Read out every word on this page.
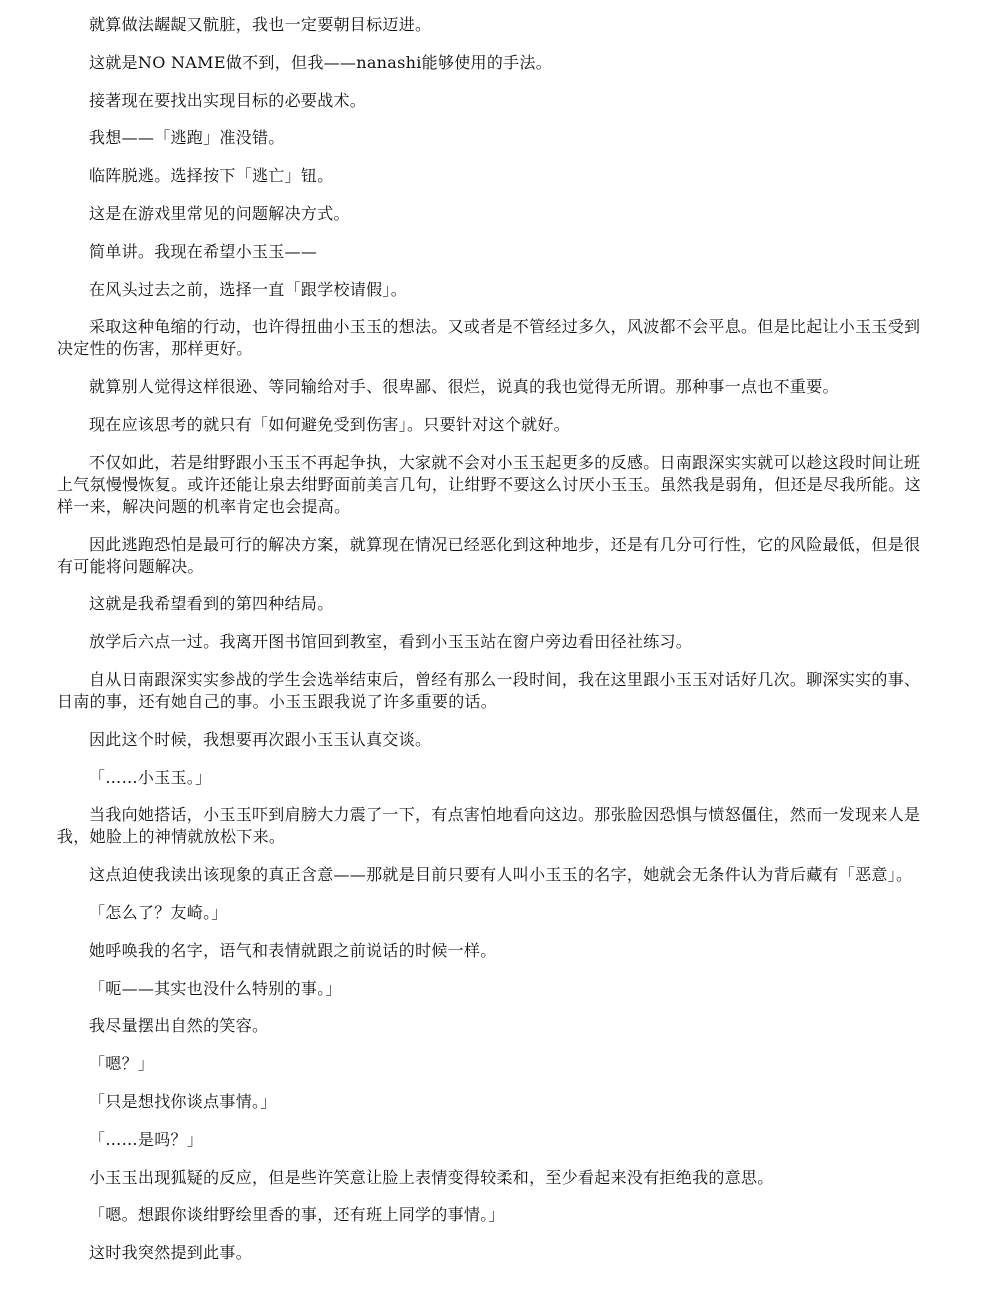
就算做法龌龊又骯脏，我也一定要朝目标迈进。

这就是NO NAME做不到，但我——nanashi能够使用的手法。

接著现在要找出实现目标的必要战术。

我想——「逃跑」准没错。

临阵脱逃。选择按下「逃亡」钮。

这是在游戏里常见的问题解决方式。

简单讲。我现在希望小玉玉——

在风头过去之前，选择一直「跟学校请假」。

采取这种龟缩的行动，也许得扭曲小玉玉的想法。又或者是不管经过多久，风波都不会平息。但是比起让小玉玉受到决定性的伤害，那样更好。

就算别人觉得这样很逊、等同输给对手、很卑鄙、很烂，说真的我也觉得无所谓。那种事一点也不重要。

现在应该思考的就只有「如何避免受到伤害」。只要针对这个就好。

不仅如此，若是绀野跟小玉玉不再起争执，大家就不会对小玉玉起更多的反感。日南跟深实实就可以趁这段时间让班上气氛慢慢恢复。或许还能让泉去绀野面前美言几句，让绀野不要这么讨厌小玉玉。虽然我是弱角，但还是尽我所能。这样一来，解决问题的机率肯定也会提高。

因此逃跑恐怕是最可行的解决方案，就算现在情况已经恶化到这种地步，还是有几分可行性，它的风险最低，但是很有可能将问题解决。

这就是我希望看到的第四种结局。

放学后六点一过。我离开图书馆回到教室，看到小玉玉站在窗户旁边看田径社练习。

自从日南跟深实实参战的学生会选举结束后，曾经有那么一段时间，我在这里跟小玉玉对话好几次。聊深实实的事、日南的事，还有她自己的事。小玉玉跟我说了许多重要的话。

因此这个时候，我想要再次跟小玉玉认真交谈。

「……小玉玉。」

当我向她搭话，小玉玉吓到肩膀大力震了一下，有点害怕地看向这边。那张脸因恐惧与愤怒僵住，然而一发现来人是我，她脸上的神情就放松下来。

这点迫使我读出该现象的真正含意——那就是目前只要有人叫小玉玉的名字，她就会无条件认为背后藏有「恶意」。

「怎么了？友崎。」

她呼唤我的名字，语气和表情就跟之前说话的时候一样。

「呃——其实也没什么特别的事。」

我尽量摆出自然的笑容。

「嗯？」

「只是想找你谈点事情。」

「……是吗？」

小玉玉出现狐疑的反应，但是些许笑意让脸上表情变得较柔和，至少看起来没有拒绝我的意思。

「嗯。想跟你谈绀野绘里香的事，还有班上同学的事情。」

这时我突然提到此事。
